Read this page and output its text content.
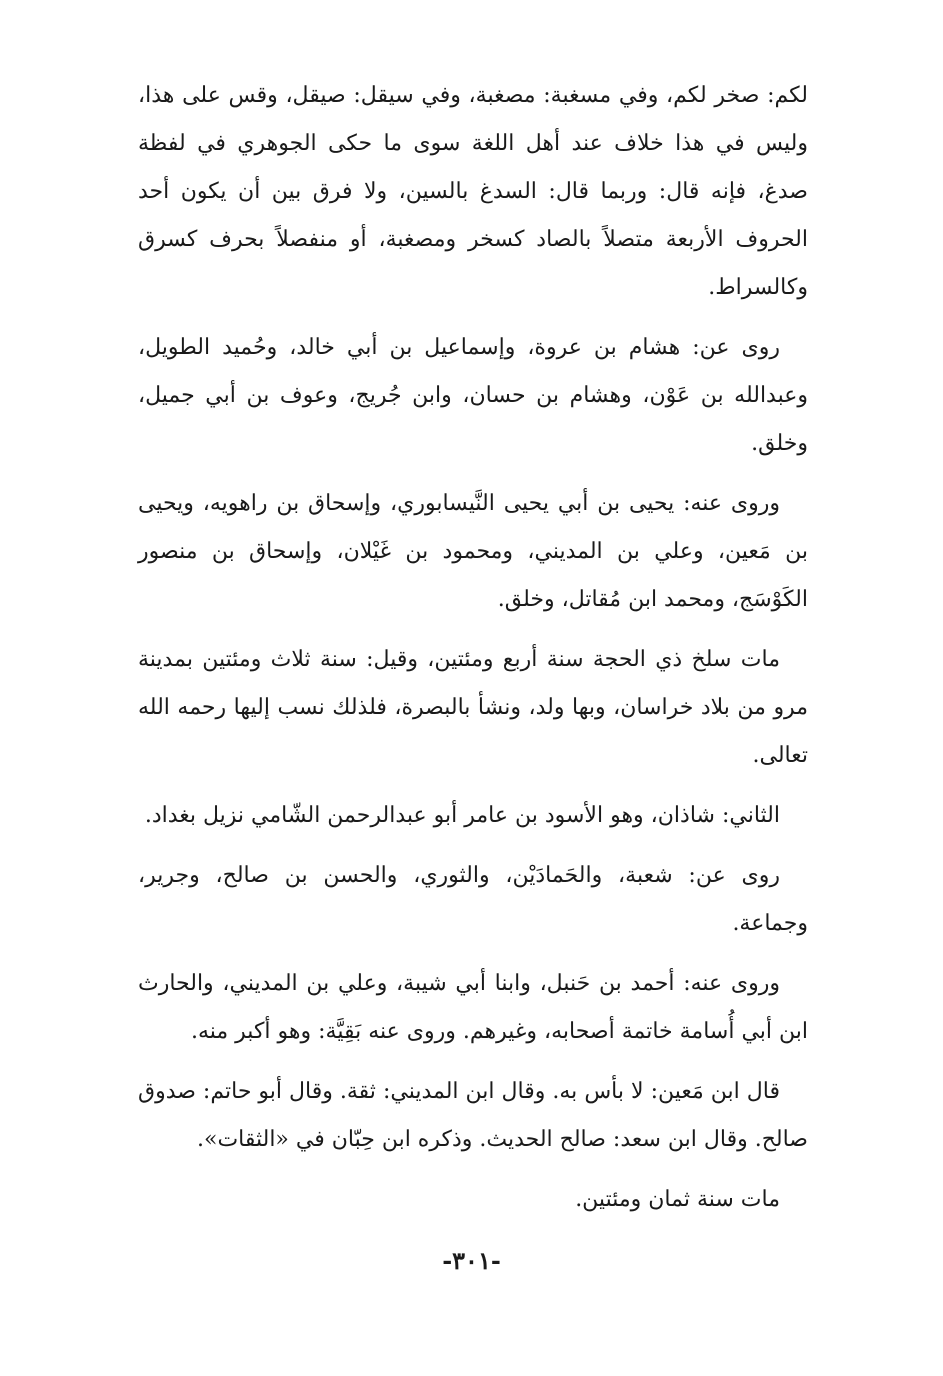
لكم: صخر لكم، وفي مسغبة: مصغبة، وفي سيقل: صيقل، وقس على هذا، وليس في هذا خلاف عند أهل اللغة سوى ما حكى الجوهري في لفظة صدغ، فإنه قال: وربما قال: السدغ بالسين، ولا فرق بين أن يكون أحد الحروف الأربعة متصلاً بالصاد كسخر ومصغبة، أو منفصلاً بحرف كسرق وكالسراط.

روى عن: هشام بن عروة، وإسماعيل بن أبي خالد، وحُميد الطويل، وعبدالله بن عَوْن، وهشام بن حسان، وابن جُريج، وعوف بن أبي جميل، وخلق.

وروى عنه: يحيى بن أبي يحيى النَّيسابوري، وإسحاق بن راهويه، ويحيى بن مَعين، وعلي بن المديني، ومحمود بن غَيْلان، وإسحاق بن منصور الكَوْسَج، ومحمد ابن مُقاتل، وخلق.

مات سلخ ذي الحجة سنة أربع ومئتين، وقيل: سنة ثلاث ومئتين بمدينة مرو من بلاد خراسان، وبها ولد، ونشأ بالبصرة، فلذلك نسب إليها رحمه الله تعالى.

الثاني: شاذان، وهو الأسود بن عامر أبو عبدالرحمن الشّامي نزيل بغداد.

روى عن: شعبة، والحَمادَيْن، والثوري، والحسن بن صالح، وجرير، وجماعة.

وروى عنه: أحمد بن حَنبل، وابنا أبي شيبة، وعلي بن المديني، والحارث ابن أبي أُسامة خاتمة أصحابه، وغيرهم. وروى عنه بَقِيَّة: وهو أكبر منه.

قال ابن مَعين: لا بأس به. وقال ابن المديني: ثقة. وقال أبو حاتم: صدوق صالح. وقال ابن سعد: صالح الحديث. وذكره ابن حِبّان في «الثقات».

مات سنة ثمان ومئتين.

-٣٠١-
